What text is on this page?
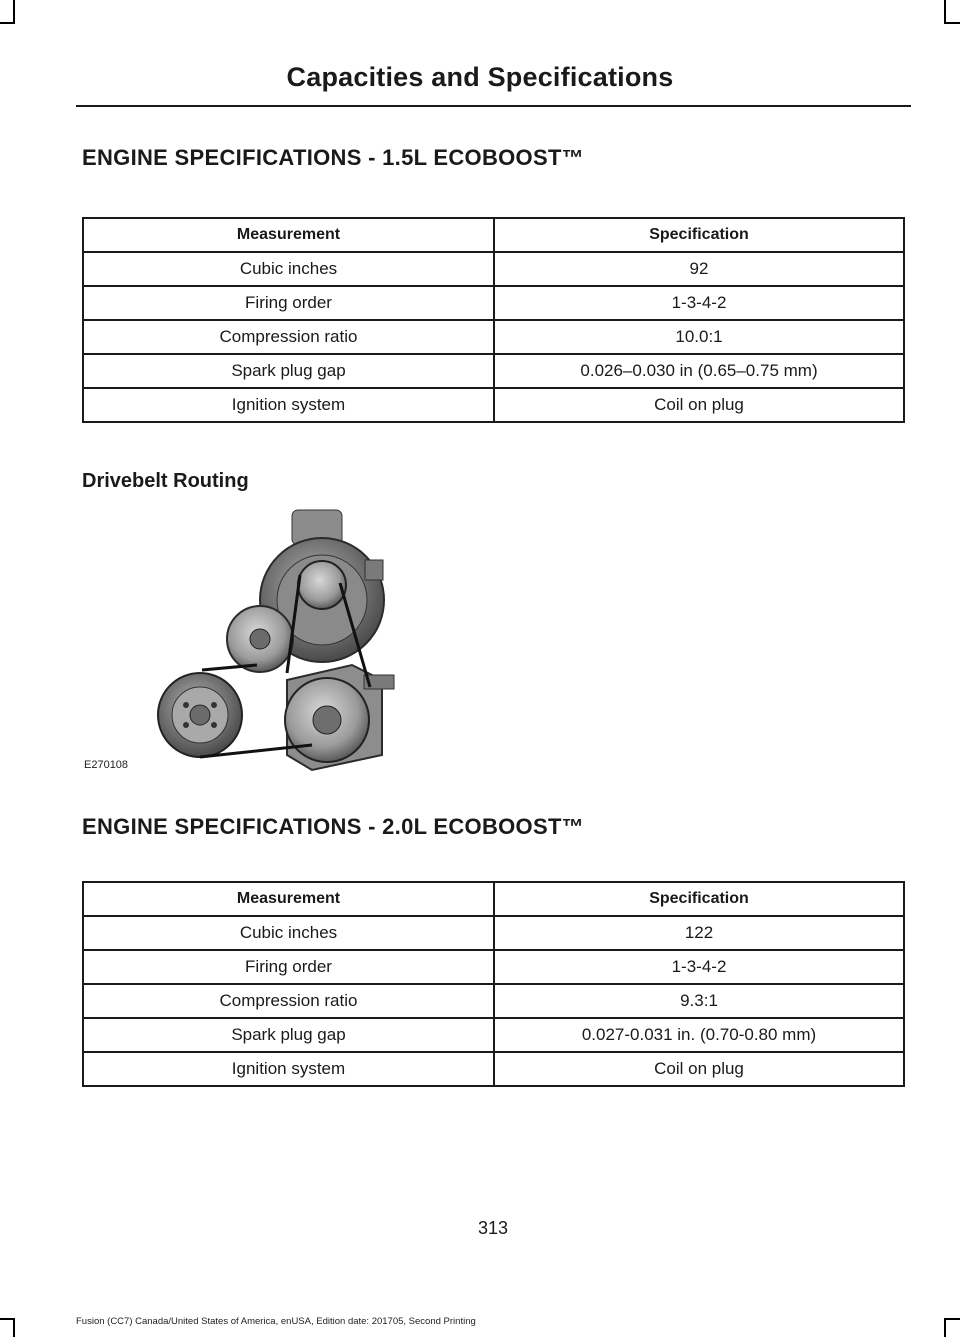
Capacities and Specifications
ENGINE SPECIFICATIONS - 1.5L ECOBOOST™
Measurement	Specification
Cubic inches	92
Firing order	1-3-4-2
Compression ratio	10.0:1
Spark plug gap	0.026–0.030 in (0.65–0.75 mm)
Ignition system	Coil on plug
Drivebelt Routing
E270108
ENGINE SPECIFICATIONS - 2.0L ECOBOOST™
Measurement	Specification
Cubic inches	122
Firing order	1-3-4-2
Compression ratio	9.3:1
Spark plug gap	0.027-0.031 in. (0.70-0.80 mm)
Ignition system	Coil on plug
313
Fusion (CC7) Canada/United States of America, enUSA, Edition date: 201705, Second Printing
